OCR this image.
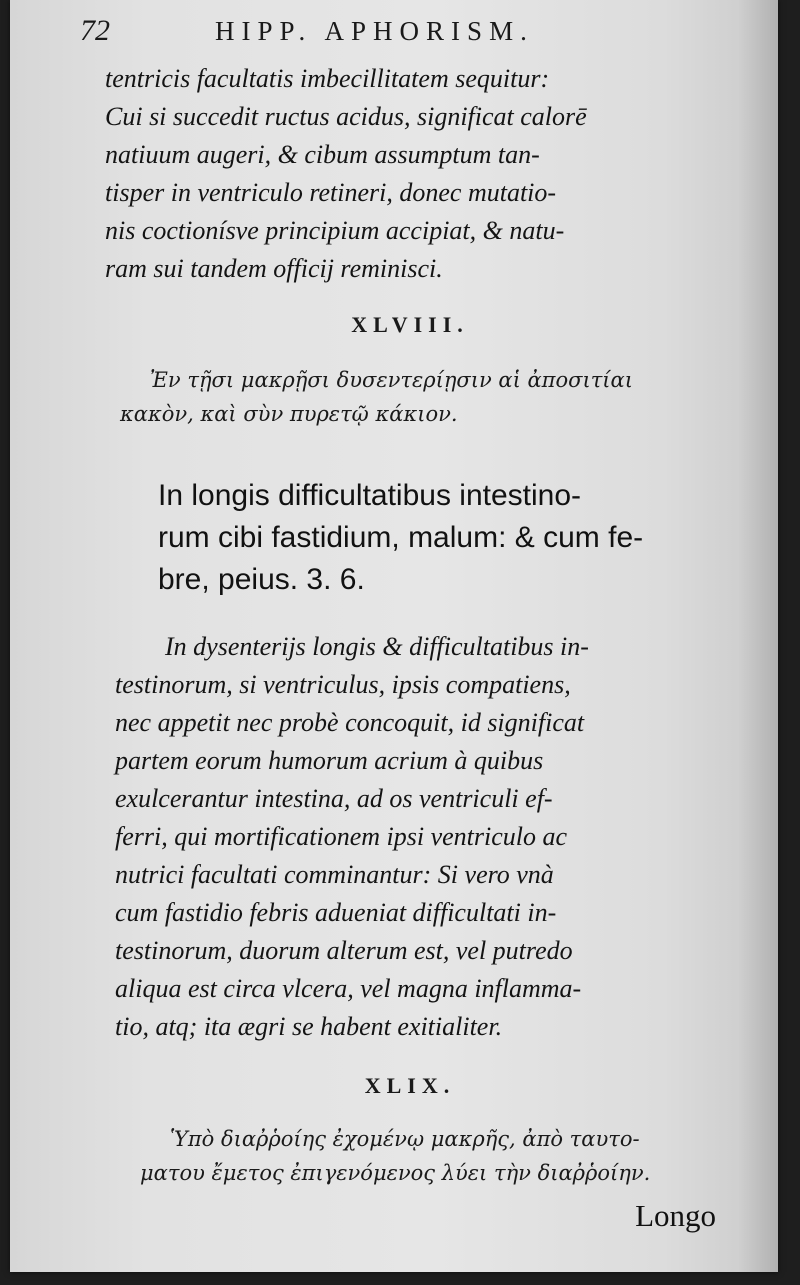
72	HIPP. APHORISM.
tentricis facultatis imbecillitatem sequitur:
Cui si succedit ructus acidus, significat calorē
natiuum augeri, & cibum assumptum tan-
tisper in ventriculo retineri, donec mutatio-
nis coctionísve principium accipiat, & natu-
ram sui tandem officij reminisci.
XLVIII.
Ἐν τῇσι μακρῇσι δυσεντερίῃσιν αἱ ἀποσιτίαι
κακὸν, καὶ σὺν πυρετῷ κάκιον.
In longis difficultatibus intestino-
rum cibi fastidium, malum: & cum fe-
bre, peius. 3. 6.
In dysenterijs longis & difficultatibus in-
testinorum, si ventriculus, ipsis compatiens,
nec appetit nec probè concoquit, id significat
partem eorum humorum acrium à quibus
exulcerantur intestina, ad os ventriculi ef-
ferri, qui mortificationem ipsi ventriculo ac
nutrici facultati comminantur: Si vero vnà
cum fastidio febris adueniat difficultati in-
testinorum, duorum alterum est, vel putredo
aliqua est circa vlcera, vel magna inflamma-
tio, atq; ita ægri se habent exitialiter.
XLIX.
Ὑπὸ διαῤῥοίης ἐχομένῳ μακρῆς, ἀπὸ ταυτο-
ματου ἔμετος ἐπιγενόμενος λύει τὴν διαῤῥοίην.
Longo
